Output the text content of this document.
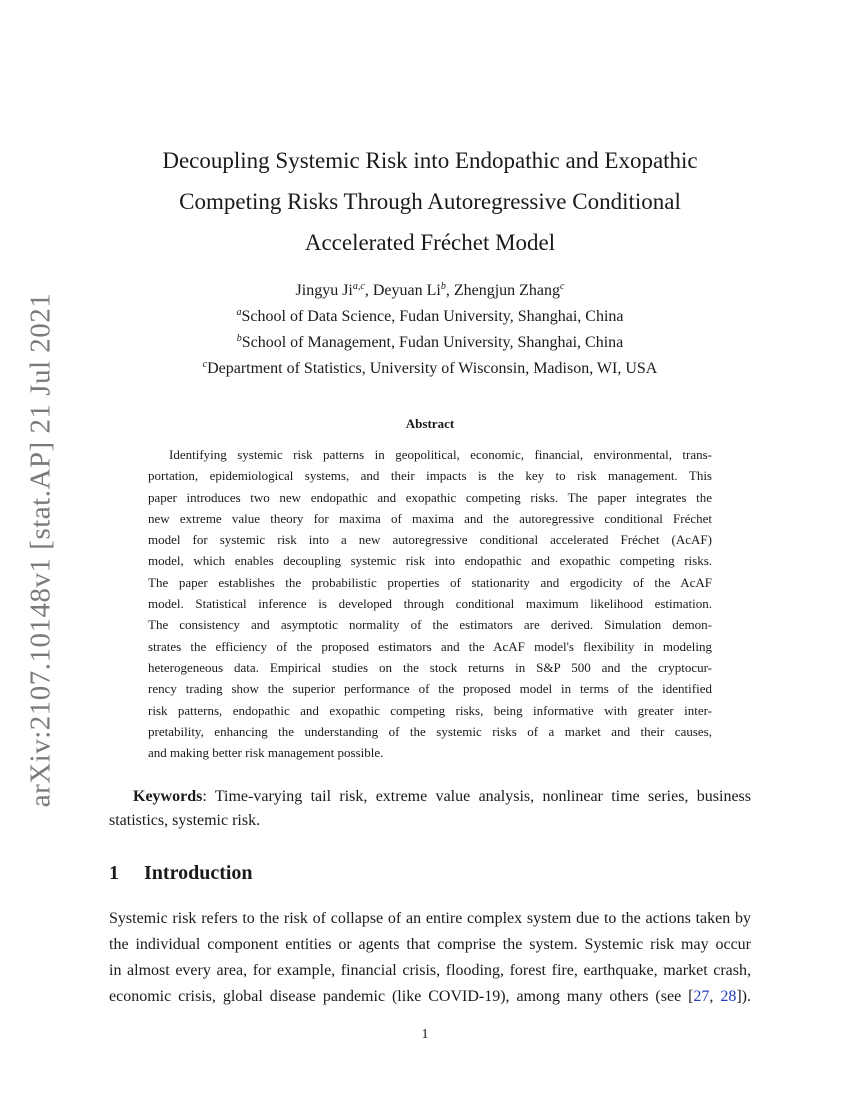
arXiv:2107.10148v1 [stat.AP] 21 Jul 2021
Decoupling Systemic Risk into Endopathic and Exopathic
Competing Risks Through Autoregressive Conditional
Accelerated Fréchet Model
Jingyu Ji$^{a,c}$, Deyuan Li$^b$, Zhengjun Zhang$^c$
$^a$School of Data Science, Fudan University, Shanghai, China
$^b$School of Management, Fudan University, Shanghai, China
$^c$Department of Statistics, University of Wisconsin, Madison, WI, USA
Abstract
Identifying systemic risk patterns in geopolitical, economic, financial, environmental, trans-
portation, epidemiological systems, and their impacts is the key to risk management. This
paper introduces two new endopathic and exopathic competing risks. The paper integrates the
new extreme value theory for maxima of maxima and the autoregressive conditional Fréchet
model for systemic risk into a new autoregressive conditional accelerated Fréchet (AcAF)
model, which enables decoupling systemic risk into endopathic and exopathic competing risks.
The paper establishes the probabilistic properties of stationarity and ergodicity of the AcAF
model. Statistical inference is developed through conditional maximum likelihood estimation.
The consistency and asymptotic normality of the estimators are derived. Simulation demon-
strates the efficiency of the proposed estimators and the AcAF model's flexibility in modeling
heterogeneous data. Empirical studies on the stock returns in S&P 500 and the cryptocur-
rency trading show the superior performance of the proposed model in terms of the identified
risk patterns, endopathic and exopathic competing risks, being informative with greater inter-
pretability, enhancing the understanding of the systemic risks of a market and their causes,
and making better risk management possible.
Keywords: Time-varying tail risk, extreme value analysis, nonlinear time series, business
statistics, systemic risk.
1 Introduction
Systemic risk refers to the risk of collapse of an entire complex system due to the actions taken by
the individual component entities or agents that comprise the system. Systemic risk may occur
in almost every area, for example, financial crisis, flooding, forest fire, earthquake, market crash,
economic crisis, global disease pandemic (like COVID-19), among many others (see [27, 28]).
1
